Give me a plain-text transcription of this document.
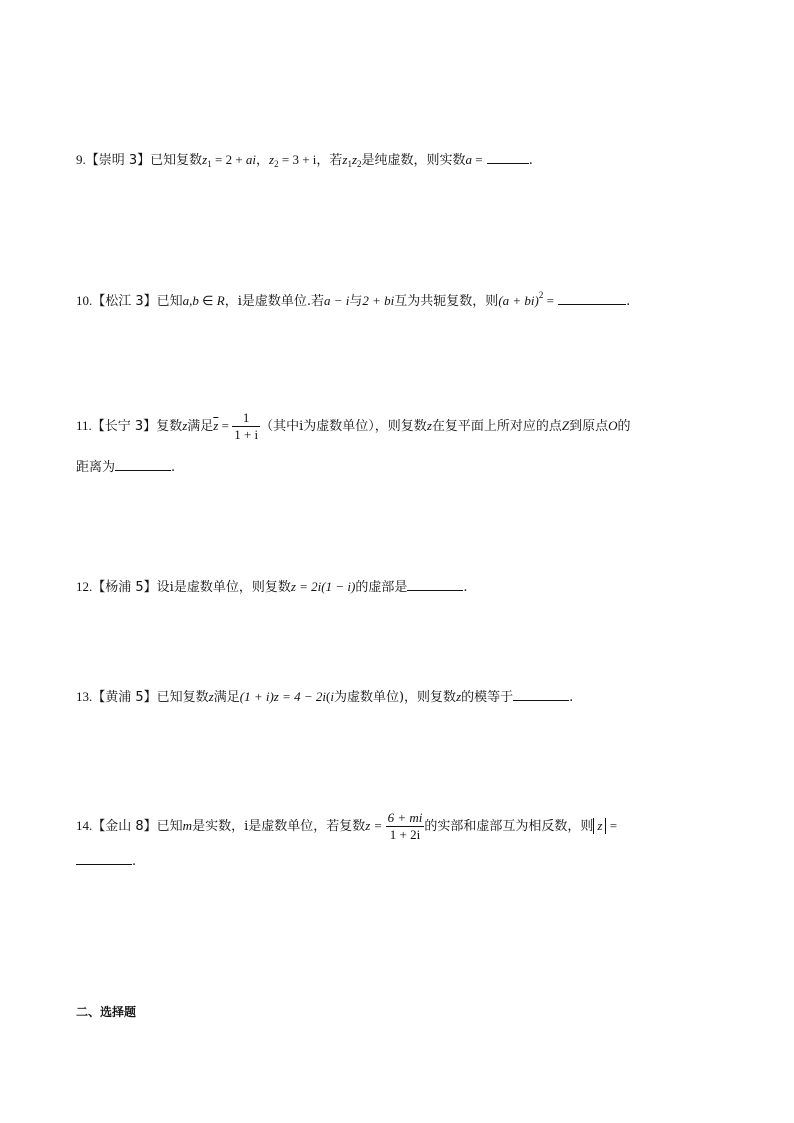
9.【崇明 3】已知复数$z_1 = 2$ + ai，$z_2 = 3 + i$，若$z_1z_2$是纯虚数，则实数a =	.
10.【松江 3】已知a,b ∈ R，i是虚数单位.若a − i与2 + bi互为共轭复数，则(a + bi)$^2$ =	.
11.【长宁 3】复数z满足$\overline{z} = \frac{1}{1 + i}$ （其中i为虚数单位），则复数z在复平面上所对应的点Z到原点O的
距离为	.
12.【杨浦 5】设i是虚数单位，则复数z = 2i(1 − i)的虚部是	.
13.【黄浦 5】已知复数z满足(1 + i)z = 4 − 2i(i为虚数单位)，则复数z的模等于	.
14.【金山 8】已知m是实数，i是虚数单位，若复数$z = \frac{6 + mi}{1 + 2i}$ 的实部和虚部互为相反数，则 z =
.
二、选择题
